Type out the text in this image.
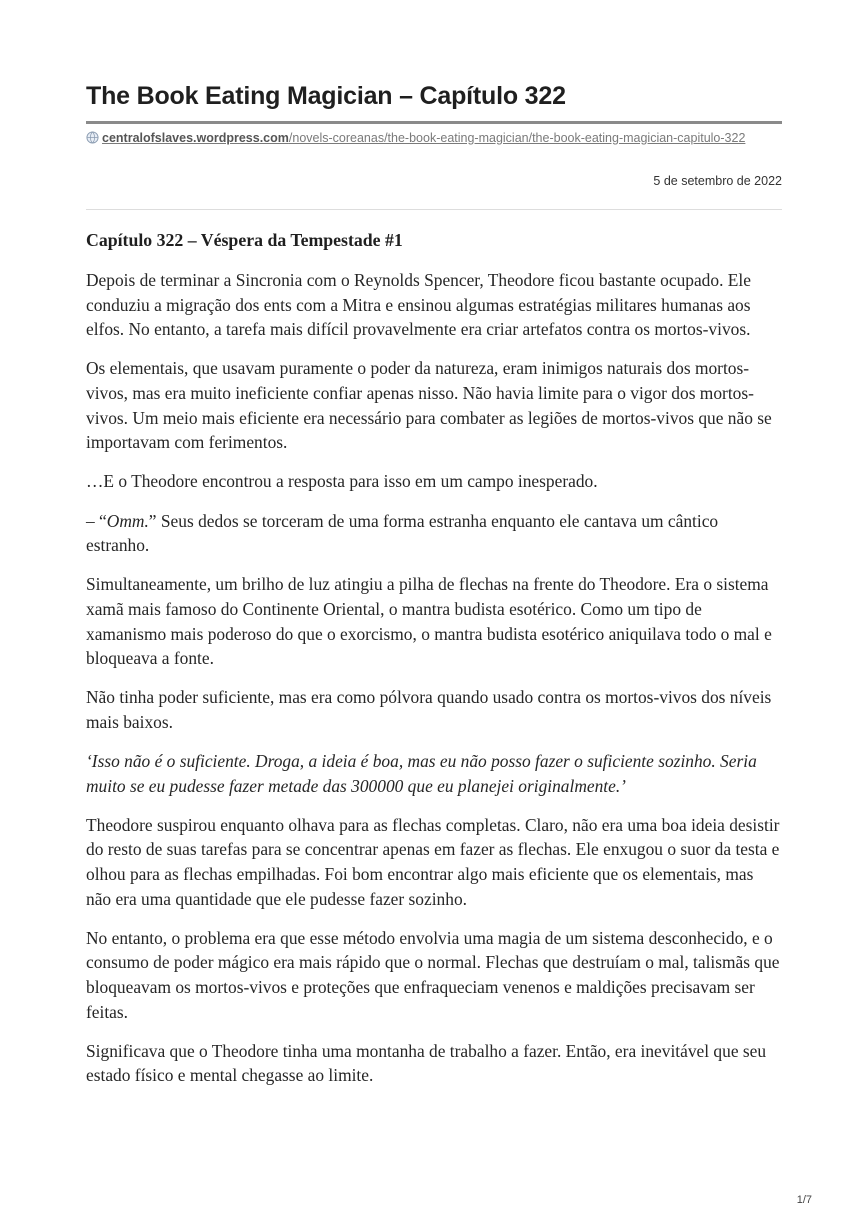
The Book Eating Magician – Capítulo 322
centralofslaves.wordpress.com/novels-coreanas/the-book-eating-magician/the-book-eating-magician-capitulo-322
5 de setembro de 2022
Capítulo 322 – Véspera da Tempestade #1

Depois de terminar a Sincronia com o Reynolds Spencer, Theodore ficou bastante ocupado. Ele conduziu a migração dos ents com a Mitra e ensinou algumas estratégias militares humanas aos elfos. No entanto, a tarefa mais difícil provavelmente era criar artefatos contra os mortos-vivos.

Os elementais, que usavam puramente o poder da natureza, eram inimigos naturais dos mortos-vivos, mas era muito ineficiente confiar apenas nisso. Não havia limite para o vigor dos mortos-vivos. Um meio mais eficiente era necessário para combater as legiões de mortos-vivos que não se importavam com ferimentos.

…E o Theodore encontrou a resposta para isso em um campo inesperado.

– “Omm.” Seus dedos se torceram de uma forma estranha enquanto ele cantava um cântico estranho.

Simultaneamente, um brilho de luz atingiu a pilha de flechas na frente do Theodore. Era o sistema xamã mais famoso do Continente Oriental, o mantra budista esotérico. Como um tipo de xamanismo mais poderoso do que o exorcismo, o mantra budista esotérico aniquilava todo o mal e bloqueava a fonte.

Não tinha poder suficiente, mas era como pólvora quando usado contra os mortos-vivos dos níveis mais baixos.

‘Isso não é o suficiente. Droga, a ideia é boa, mas eu não posso fazer o suficiente sozinho. Seria muito se eu pudesse fazer metade das 300000 que eu planejei originalmente.’

Theodore suspirou enquanto olhava para as flechas completas. Claro, não era uma boa ideia desistir do resto de suas tarefas para se concentrar apenas em fazer as flechas. Ele enxugou o suor da testa e olhou para as flechas empilhadas. Foi bom encontrar algo mais eficiente que os elementais, mas não era uma quantidade que ele pudesse fazer sozinho.

No entanto, o problema era que esse método envolvia uma magia de um sistema desconhecido, e o consumo de poder mágico era mais rápido que o normal. Flechas que destruíam o mal, talismãs que bloqueavam os mortos-vivos e proteções que enfraqueciam venenos e maldições precisavam ser feitas.

Significava que o Theodore tinha uma montanha de trabalho a fazer. Então, era inevitável que seu estado físico e mental chegasse ao limite.

1/7
